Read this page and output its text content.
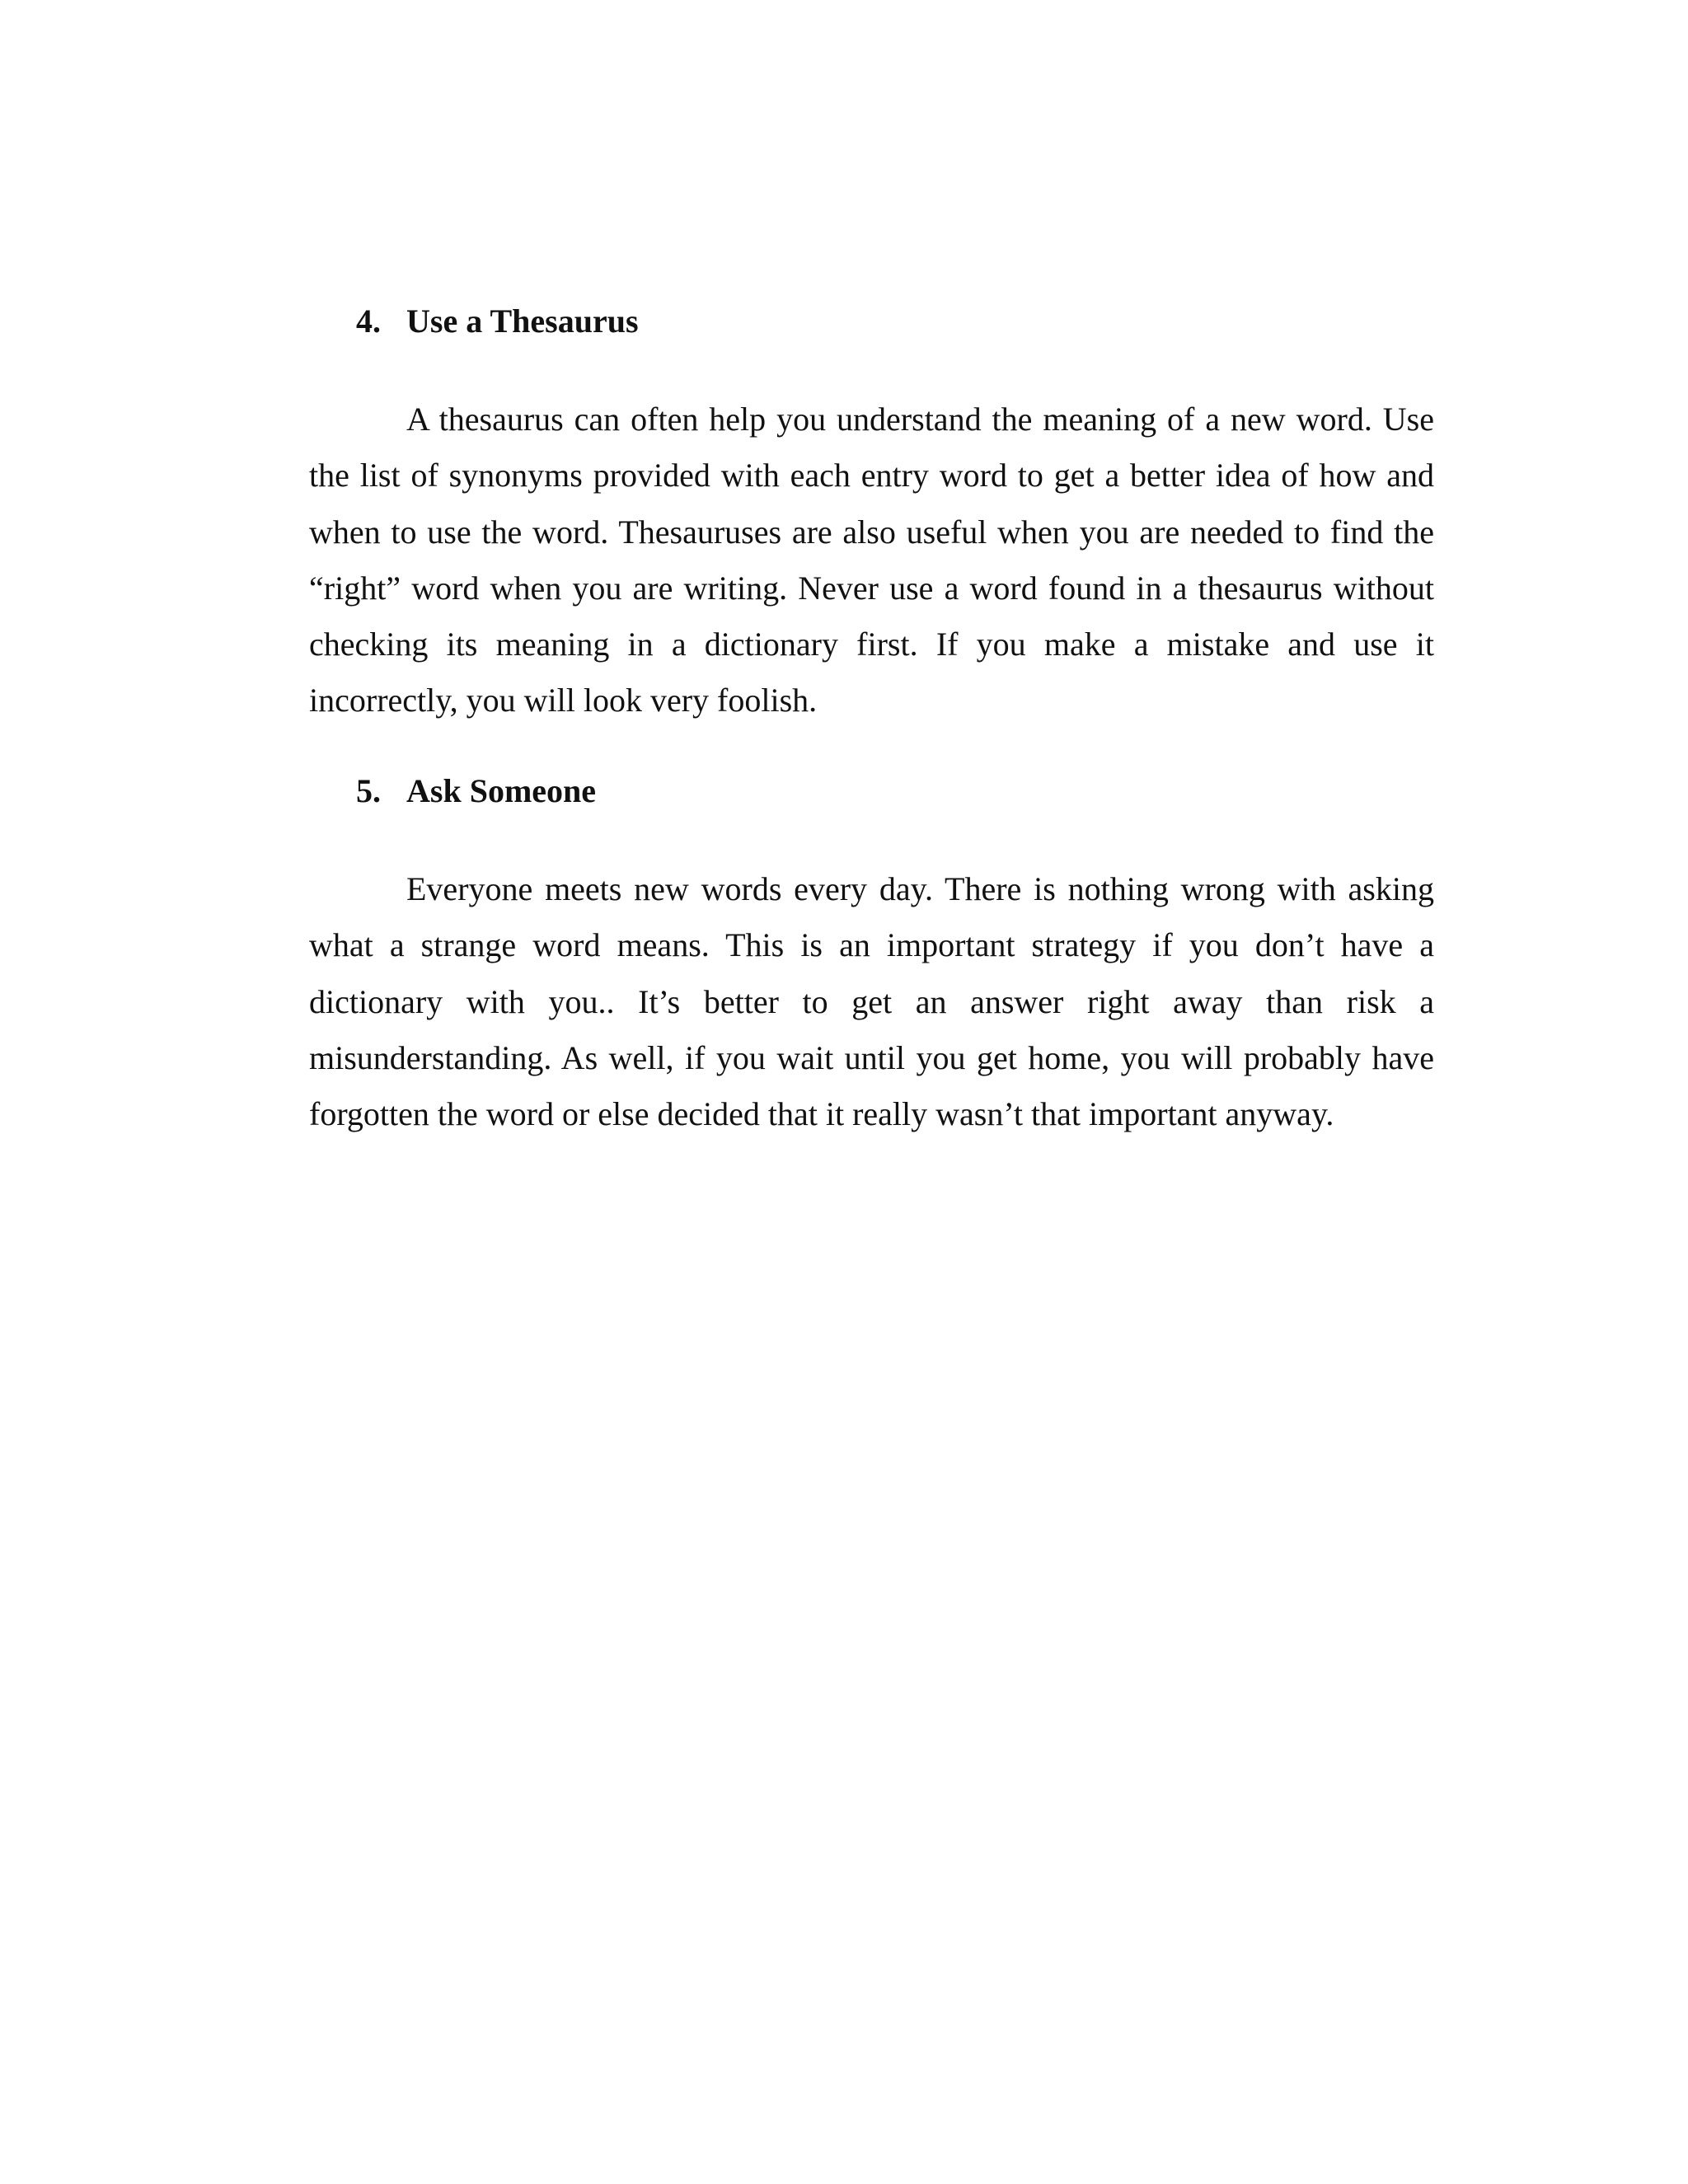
4. Use a Thesaurus

A thesaurus can often help you understand the meaning of a new word. Use the list of synonyms provided with each entry word to get a better idea of how and when to use the word. Thesauruses are also useful when you are needed to find the “right” word when you are writing. Never use a word found in a thesaurus without checking its meaning in a dictionary first. If you make a mistake and use it incorrectly, you will look very foolish.

5. Ask Someone

Everyone meets new words every day. There is nothing wrong with asking what a strange word means. This is an important strategy if you don’t have a dictionary with you.. It’s better to get an answer right away than risk a misunderstanding. As well, if you wait until you get home, you will probably have forgotten the word or else decided that it really wasn’t that important anyway.
